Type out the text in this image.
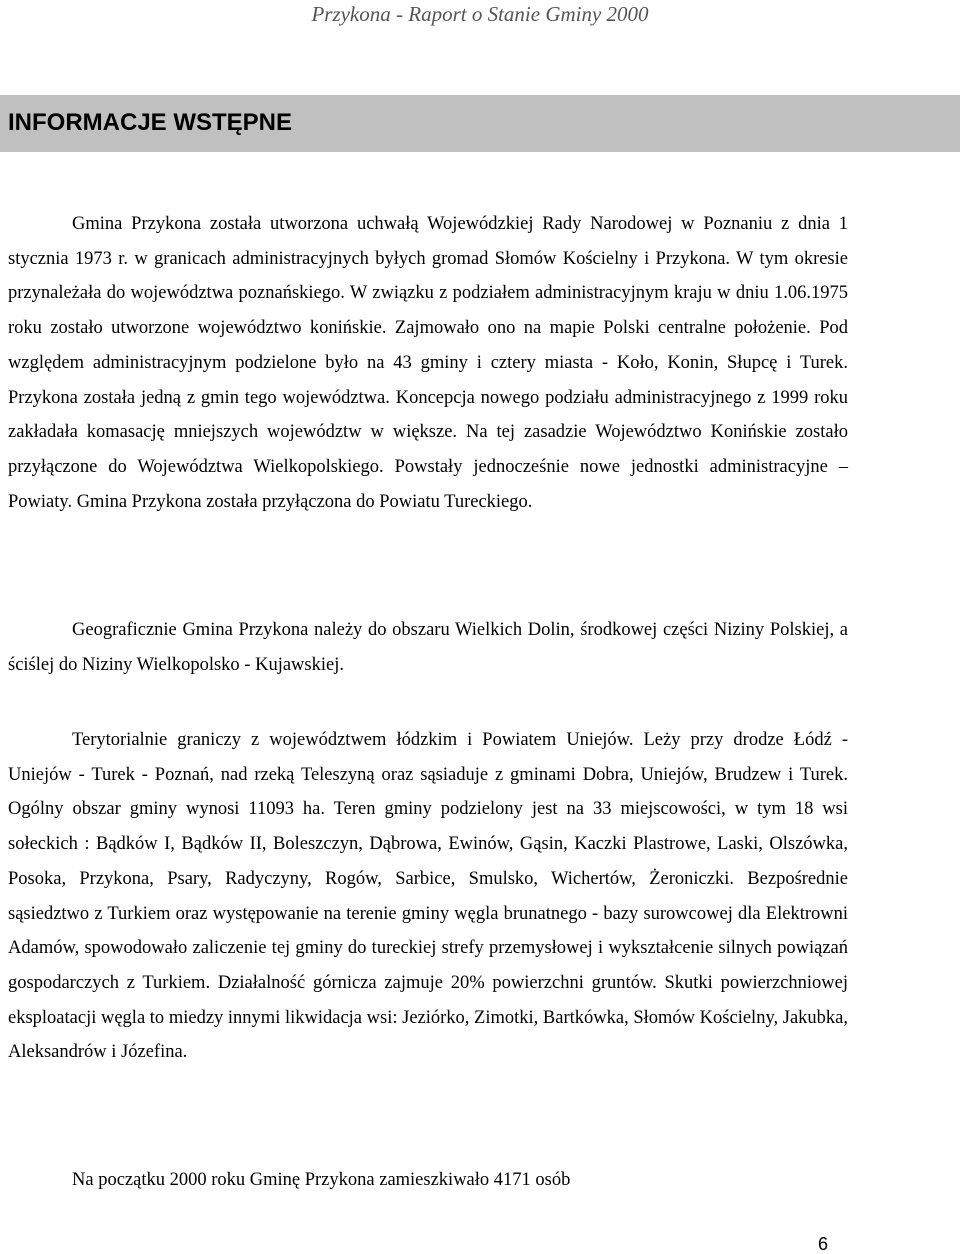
Przykona - Raport o Stanie Gminy 2000
INFORMACJE WSTĘPNE

Gmina Przykona została utworzona uchwałą Wojewódzkiej Rady Narodowej w Poznaniu z dnia 1 stycznia 1973 r. w granicach administracyjnych byłych gromad Słomów Kościelny i Przykona. W tym okresie przynależała do województwa poznańskiego. W związku z podziałem administracyjnym kraju w dniu 1.06.1975 roku zostało utworzone województwo konińskie. Zajmowało ono na mapie Polski centralne położenie. Pod względem administracyjnym podzielone było na 43 gminy i cztery miasta - Koło, Konin, Słupcę i Turek. Przykona została jedną z gmin tego województwa. Koncepcja nowego podziału administracyjnego z 1999 roku zakładała komasację mniejszych województw w większe. Na tej zasadzie Województwo Konińskie zostało przyłączone do Województwa Wielkopolskiego. Powstały jednocześnie nowe jednostki administracyjne – Powiaty. Gmina Przykona została przyłączona do Powiatu Tureckiego.

Geograficznie Gmina Przykona należy do obszaru Wielkich Dolin, środkowej części Niziny Polskiej, a ściślej do Niziny Wielkopolsko - Kujawskiej.

Terytorialnie graniczy z województwem łódzkim i Powiatem Uniejów. Leży przy drodze Łódź - Uniejów - Turek - Poznań, nad rzeką Teleszyną oraz sąsiaduje z gminami Dobra, Uniejów, Brudzew i Turek. Ogólny obszar gminy wynosi 11093 ha. Teren gminy podzielony jest na 33 miejscowości, w tym 18 wsi sołeckich : Bądków I, Bądków II, Boleszczyn, Dąbrowa, Ewinów, Gąsin, Kaczki Plastrowe, Laski, Olszówka, Posoka, Przykona, Psary, Radyczyny, Rogów, Sarbice, Smulsko, Wichertów, Żeroniczki. Bezpośrednie sąsiedztwo z Turkiem oraz występowanie na terenie gminy węgla brunatnego - bazy surowcowej dla Elektrowni Adamów, spowodowało zaliczenie tej gminy do tureckiej strefy przemysłowej i wykształcenie silnych powiązań gospodarczych z Turkiem. Działalność górnicza zajmuje 20% powierzchni gruntów. Skutki powierzchniowej eksploatacji węgla to miedzy innymi likwidacja wsi: Jeziórko, Zimotki, Bartkówka, Słomów Kościelny, Jakubka, Aleksandrów i Józefina.

Na początku 2000 roku Gminę Przykona zamieszkiwało 4171 osób

6
